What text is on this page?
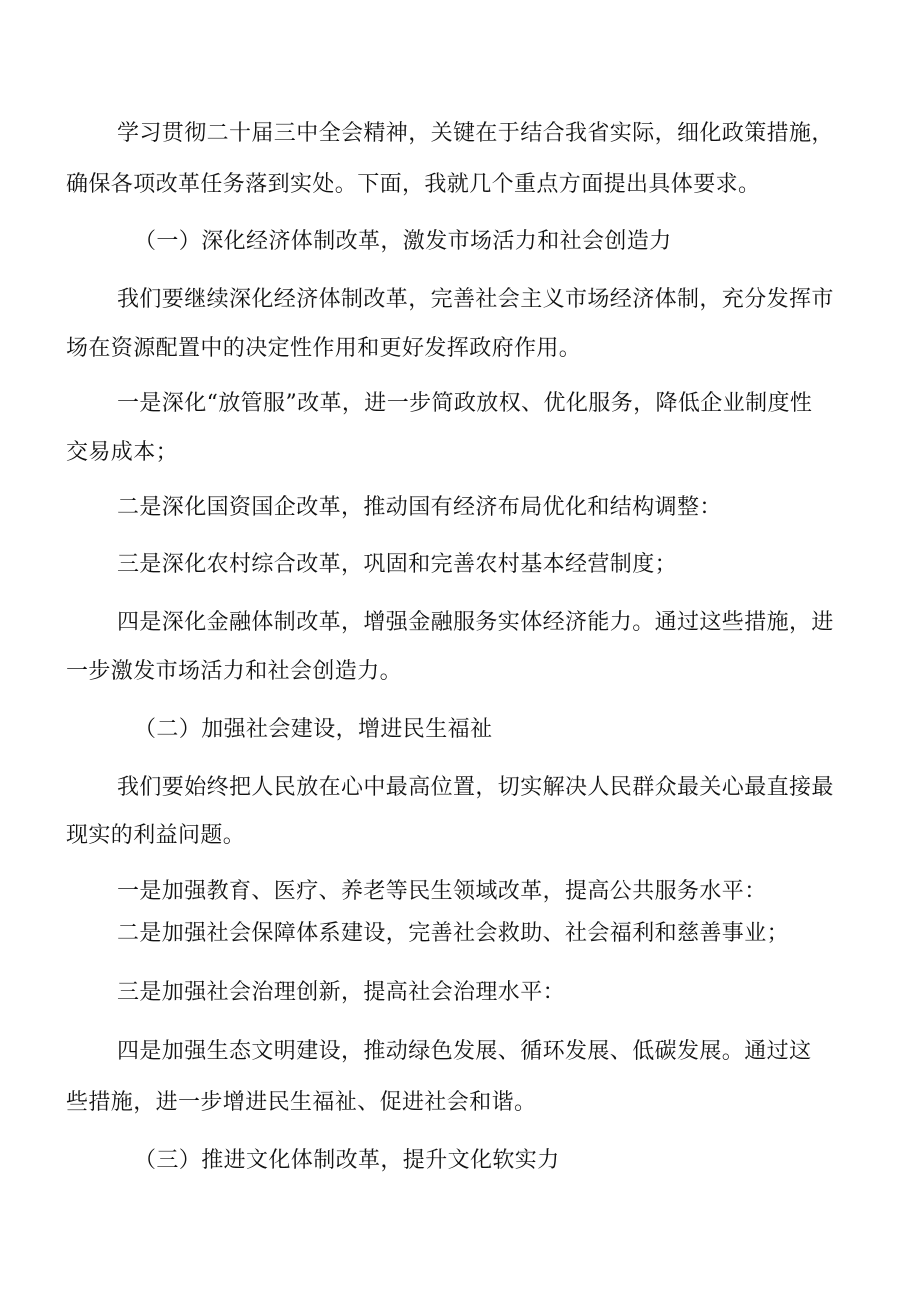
学习贯彻二十届三中全会精神，关键在于结合我省实际，细化政策措施，

确保各项改革任务落到实处。下面，我就几个重点方面提出具体要求。

（一）深化经济体制改革，激发市场活力和社会创造力

我们要继续深化经济体制改革，完善社会主义市场经济体制，充分发挥市

场在资源配置中的决定性作用和更好发挥政府作用。

一是深化“放管服”改革，进一步简政放权、优化服务，降低企业制度性

交易成本；

二是深化国资国企改革，推动国有经济布局优化和结构调整：

三是深化农村综合改革，巩固和完善农村基本经营制度；

四是深化金融体制改革，增强金融服务实体经济能力。通过这些措施，进

一步激发市场活力和社会创造力。

（二）加强社会建设，增进民生福祉

我们要始终把人民放在心中最高位置，切实解决人民群众最关心最直接最

现实的利益问题。

一是加强教育、医疗、养老等民生领域改革，提高公共服务水平：

二是加强社会保障体系建设，完善社会救助、社会福利和慈善事业；

三是加强社会治理创新，提高社会治理水平：

四是加强生态文明建设，推动绿色发展、循环发展、低碳发展。通过这

些措施，进一步增进民生福祉、促进社会和谐。

（三）推进文化体制改革，提升文化软实力
